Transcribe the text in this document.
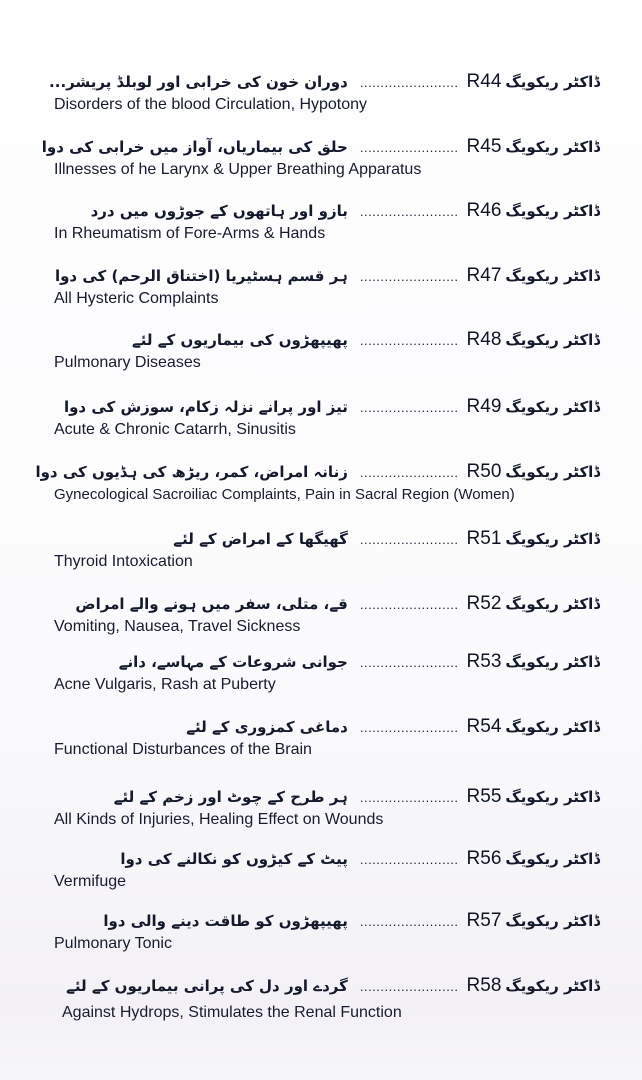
ڈاکٹر ریکویگ
R44
........................
دوران خون کی خرابی اور لوبلڈ پریشر...
Disorders of the blood Circulation, Hypotony
ڈاکٹر ریکویگ
R45
........................
حلق کی بیماریاں، آواز میں خرابی کی دوا
Illnesses of he Larynx & Upper Breathing Apparatus
ڈاکٹر ریکویگ
R46
........................
بازو اور ہاتھوں کے جوڑوں میں درد
In Rheumatism of Fore-Arms & Hands
ڈاکٹر ریکویگ
R47
........................
ہر قسم ہسٹیریا (اختناق الرحم) کی دوا
All Hysteric Complaints
ڈاکٹر ریکویگ
R48
........................
پھیپھڑوں کی بیماریوں کے لئے
Pulmonary Diseases
ڈاکٹر ریکویگ
R49
........................
تیز اور پرانے نزلہ زکام، سوزش کی دوا
Acute & Chronic Catarrh, Sinusitis
ڈاکٹر ریکویگ
R50
........................
زنانہ امراض، کمر، ریڑھ کی ہڈیوں کی دوا
Gynecological Sacroiliac Complaints, Pain in Sacral Region (Women)
ڈاکٹر ریکویگ
R51
........................
گھیگھا کے امراض کے لئے
Thyroid Intoxication
ڈاکٹر ریکویگ
R52
........................
قے، متلی، سفر میں ہونے والے امراض
Vomiting, Nausea, Travel Sickness
ڈاکٹر ریکویگ
R53
........................
جوانی شروعات کے مہاسے، دانے
Acne Vulgaris, Rash at Puberty
ڈاکٹر ریکویگ
R54
........................
دماغی کمزوری کے لئے
Functional Disturbances of the Brain
ڈاکٹر ریکویگ
R55
........................
ہر طرح کے چوٹ اور زخم کے لئے
All Kinds of Injuries, Healing Effect on Wounds
ڈاکٹر ریکویگ
R56
........................
پیٹ کے کیڑوں کو نکالنے کی دوا
Vermifuge
ڈاکٹر ریکویگ
R57
........................
پھیپھڑوں کو طاقت دینے والی دوا
Pulmonary Tonic
ڈاکٹر ریکویگ
R58
........................
گردے اور دل کی پرانی بیماریوں کے لئے
Against Hydrops, Stimulates the Renal Function
